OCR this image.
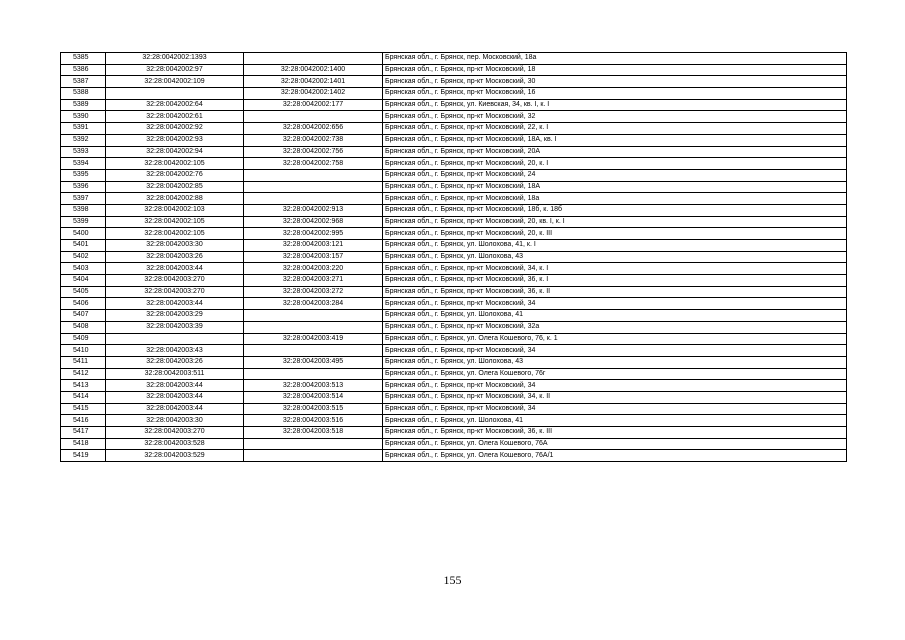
5385	32:28:0042002:1393		Брянская обл., г. Брянск, пер. Московский, 18а
5386	32:28:0042002:97	32:28:0042002:1400	Брянская обл., г. Брянск, пр-кт Московский, 18
5387	32:28:0042002:109	32:28:0042002:1401	Брянская обл., г. Брянск, пр-кт Московский, 30
5388		32:28:0042002:1402	Брянская обл., г. Брянск, пр-кт Московский, 16
5389	32:28:0042002:64	32:28:0042002:177	Брянская обл., г. Брянск, ул. Киевская, 34, кв. I, к. I
5390	32:28:0042002:61		Брянская обл., г. Брянск, пр-кт Московский, 32
5391	32:28:0042002:92	32:28:0042002:656	Брянская обл., г. Брянск, пр-кт Московский, 22, к. I
5392	32:28:0042002:93	32:28:0042002:738	Брянская обл., г. Брянск, пр-кт Московский, 18А, кв. I
5393	32:28:0042002:94	32:28:0042002:756	Брянская обл., г. Брянск, пр-кт Московский, 20А
5394	32:28:0042002:105	32:28:0042002:758	Брянская обл., г. Брянск, пр-кт Московский, 20, к. I
5395	32:28:0042002:76		Брянская обл., г. Брянск, пр-кт Московский, 24
5396	32:28:0042002:85		Брянская обл., г. Брянск, пр-кт Московский, 18А
5397	32:28:0042002:88		Брянская обл., г. Брянск, пр-кт Московский, 18а
5398	32:28:0042002:103	32:28:0042002:913	Брянская обл., г. Брянск, пр-кт Московский, 18б, к. 18б
5399	32:28:0042002:105	32:28:0042002:968	Брянская обл., г. Брянск, пр-кт Московский, 20, кв. I, к. I
5400	32:28:0042002:105	32:28:0042002:995	Брянская обл., г. Брянск, пр-кт Московский, 20, к. III
5401	32:28:0042003:30	32:28:0042003:121	Брянская обл., г. Брянск, ул. Шолохова, 41, к. I
5402	32:28:0042003:26	32:28:0042003:157	Брянская обл., г. Брянск, ул. Шолохова, 43
5403	32:28:0042003:44	32:28:0042003:220	Брянская обл., г. Брянск, пр-кт Московский, 34, к. I
5404	32:28:0042003:270	32:28:0042003:271	Брянская обл., г. Брянск, пр-кт Московский, 36, к. I
5405	32:28:0042003:270	32:28:0042003:272	Брянская обл., г. Брянск, пр-кт Московский, 36, к. II
5406	32:28:0042003:44	32:28:0042003:284	Брянская обл., г. Брянск, пр-кт Московский, 34
5407	32:28:0042003:29		Брянская обл., г. Брянск, ул. Шолохова, 41
5408	32:28:0042003:39		Брянская обл., г. Брянск, пр-кт Московский, 32а
5409		32:28:0042003:419	Брянская обл., г. Брянск, ул. Олега Кошевого, 76, к. 1
5410	32:28:0042003:43		Брянская обл., г. Брянск, пр-кт Московский, 34
5411	32:28:0042003:26	32:28:0042003:495	Брянская обл., г. Брянск, ул. Шолохова, 43
5412	32:28:0042003:511		Брянская обл., г. Брянск, ул. Олега Кошевого, 76г
5413	32:28:0042003:44	32:28:0042003:513	Брянская обл., г. Брянск, пр-кт Московский, 34
5414	32:28:0042003:44	32:28:0042003:514	Брянская обл., г. Брянск, пр-кт Московский, 34, к. II
5415	32:28:0042003:44	32:28:0042003:515	Брянская обл., г. Брянск, пр-кт Московский, 34
5416	32:28:0042003:30	32:28:0042003:516	Брянская обл., г. Брянск, ул. Шолохова, 41
5417	32:28:0042003:270	32:28:0042003:518	Брянская обл., г. Брянск, пр-кт Московский, 36, к. III
5418	32:28:0042003:528		Брянская обл., г. Брянск, ул. Олега Кошевого, 76А
5419	32:28:0042003:529		Брянская обл., г. Брянск, ул. Олега Кошевого, 76А/1
155
